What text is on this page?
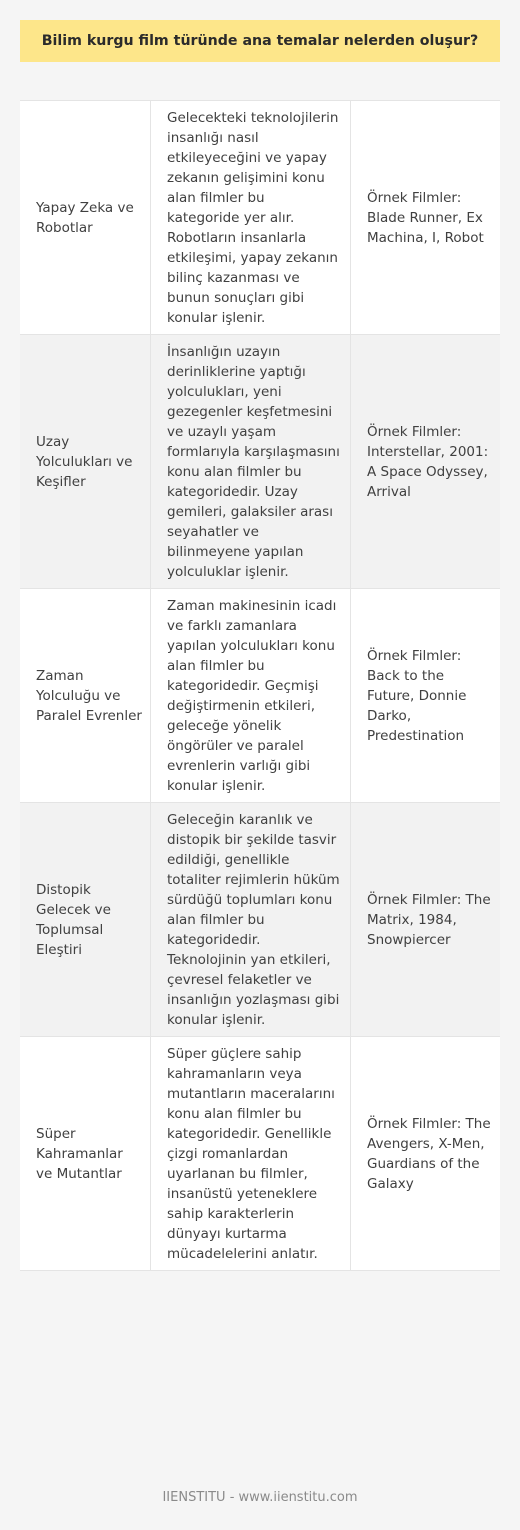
Bilim kurgu film türünde ana temalar nelerden oluşur?
Yapay Zeka ve Robotlar
Gelecekteki teknolojilerin insanlığı nasıl etkileyeceğini ve yapay zekanın gelişimini konu alan filmler bu kategoride yer alır. Robotların insanlarla etkileşimi, yapay zekanın bilinç kazanması ve bunun sonuçları gibi konular işlenir.
Örnek Filmler: Blade Runner, Ex Machina, I, Robot
Uzay Yolculukları ve Keşifler
İnsanlığın uzayın derinliklerine yaptığı yolculukları, yeni gezegenler keşfetmesini ve uzaylı yaşam formlarıyla karşılaşmasını konu alan filmler bu kategoridedir. Uzay gemileri, galaksiler arası seyahatler ve bilinmeyene yapılan yolculuklar işlenir.
Örnek Filmler: Interstellar, 2001: A Space Odyssey, Arrival
Zaman Yolculuğu ve Paralel Evrenler
Zaman makinesinin icadı ve farklı zamanlara yapılan yolculukları konu alan filmler bu kategoridedir. Geçmişi değiştirmenin etkileri, geleceğe yönelik öngörüler ve paralel evrenlerin varlığı gibi konular işlenir.
Örnek Filmler: Back to the Future, Donnie Darko, Predestination
Distopik Gelecek ve Toplumsal Eleştiri
Geleceğin karanlık ve distopik bir şekilde tasvir edildiği, genellikle totaliter rejimlerin hüküm sürdüğü toplumları konu alan filmler bu kategoridedir. Teknolojinin yan etkileri, çevresel felaketler ve insanlığın yozlaşması gibi konular işlenir.
Örnek Filmler: The Matrix, 1984, Snowpiercer
Süper Kahramanlar ve Mutantlar
Süper güçlere sahip kahramanların veya mutantların maceralarını konu alan filmler bu kategoridedir. Genellikle çizgi romanlardan uyarlanan bu filmler, insanüstü yeteneklere sahip karakterlerin dünyayı kurtarma mücadelelerini anlatır.
Örnek Filmler: The Avengers, X-Men, Guardians of the Galaxy
IIENSTITU - www.iienstitu.com
